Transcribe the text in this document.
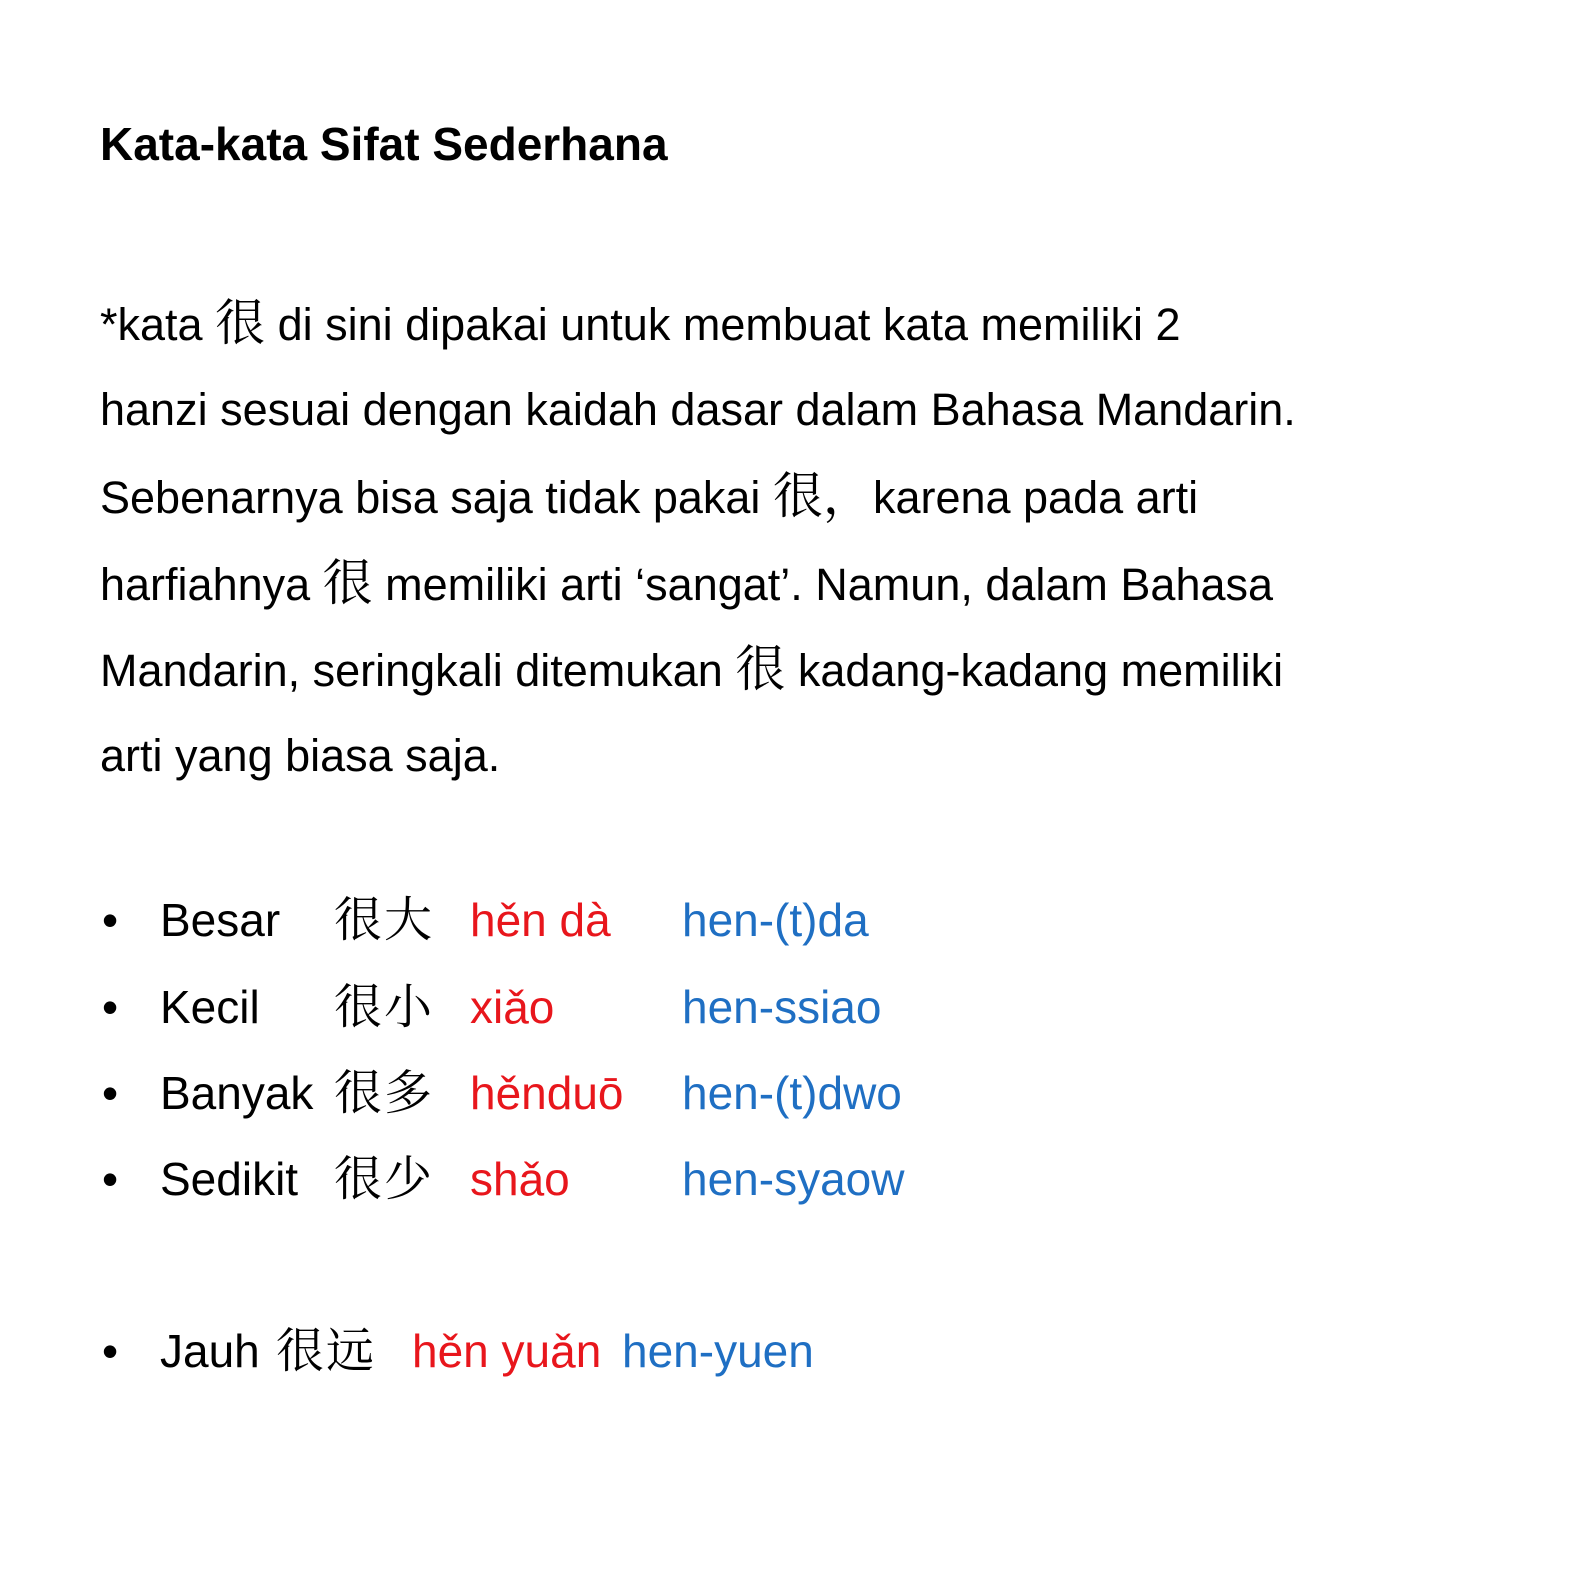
Kata-kata Sifat Sederhana
*kata 很 di sini dipakai untuk membuat kata memiliki 2
hanzi sesuai dengan kaidah dasar dalam Bahasa Mandarin.
Sebenarnya bisa saja tidak pakai 很，karena pada arti
harfiahnya 很 memiliki arti ‘sangat’. Namun, dalam Bahasa
Mandarin, seringkali ditemukan 很 kadang-kadang memiliki
arti yang biasa saja.
• Besar 很大 hěn dà hen-(t)da
• Kecil 很小 xiǎo	hen-ssiao
• Banyak 很多 hěnduō hen-(t)dwo
• Sedikit 很少 shǎo hen-syaow
• Jauh 很远 hěn yuǎn hen-yuen
